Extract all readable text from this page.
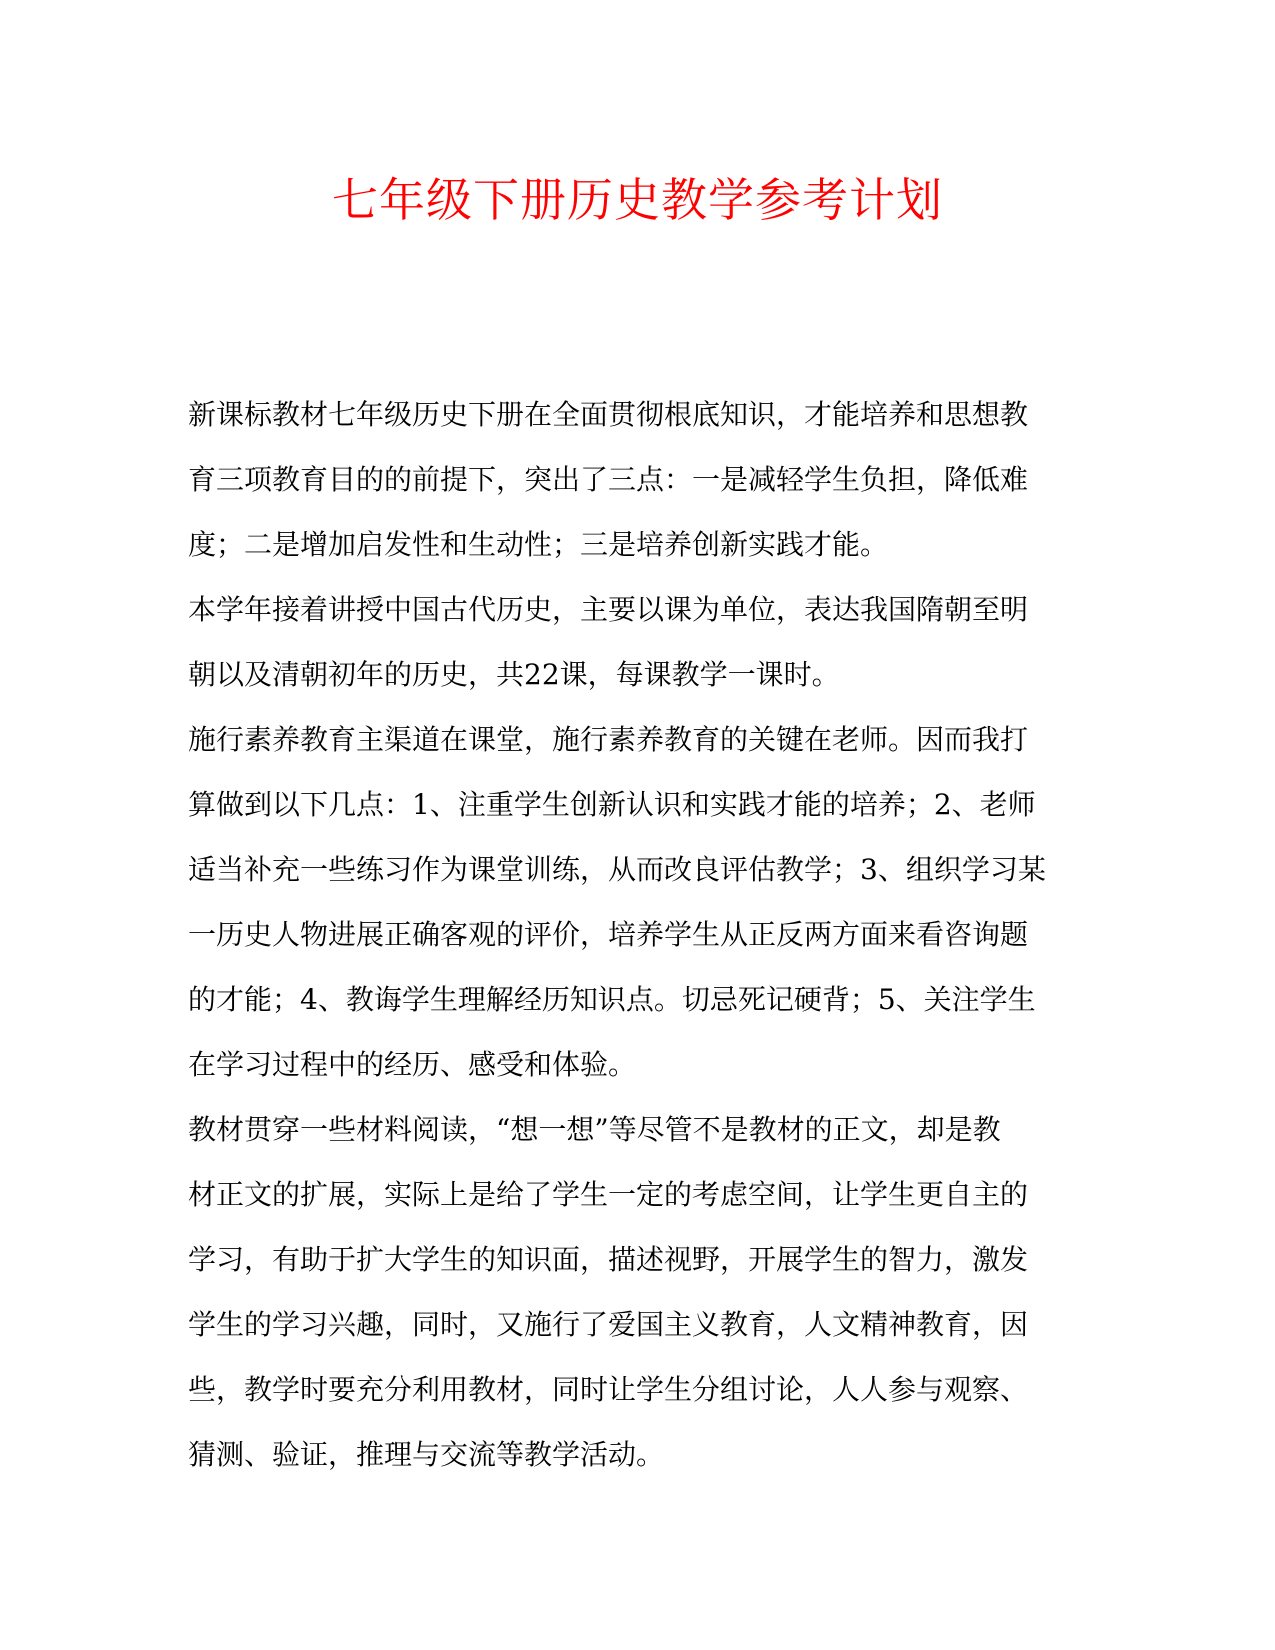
七年级下册历史教学参考计划

新课标教材七年级历史下册在全面贯彻根底知识，才能培养和思想教
育三项教育目的的前提下，突出了三点：一是减轻学生负担，降低难
度；二是增加启发性和生动性；三是培养创新实践才能。

本学年接着讲授中国古代历史，主要以课为单位，表达我国隋朝至明
朝以及清朝初年的历史，共22课，每课教学一课时。

施行素养教育主渠道在课堂，施行素养教育的关键在老师。因而我打
算做到以下几点：1、注重学生创新认识和实践才能的培养；2、老师
适当补充一些练习作为课堂训练，从而改良评估教学；3、组织学习某
一历史人物进展正确客观的评价，培养学生从正反两方面来看咨询题
的才能；4、教诲学生理解经历知识点。切忌死记硬背；5、关注学生
在学习过程中的经历、感受和体验。

教材贯穿一些材料阅读，“想一想”等尽管不是教材的正文，却是教
材正文的扩展，实际上是给了学生一定的考虑空间，让学生更自主的
学习，有助于扩大学生的知识面，描述视野，开展学生的智力，激发
学生的学习兴趣，同时，又施行了爱国主义教育，人文精神教育，因
些，教学时要充分利用教材，同时让学生分组讨论，人人参与观察、
猜测、验证，推理与交流等教学活动。
